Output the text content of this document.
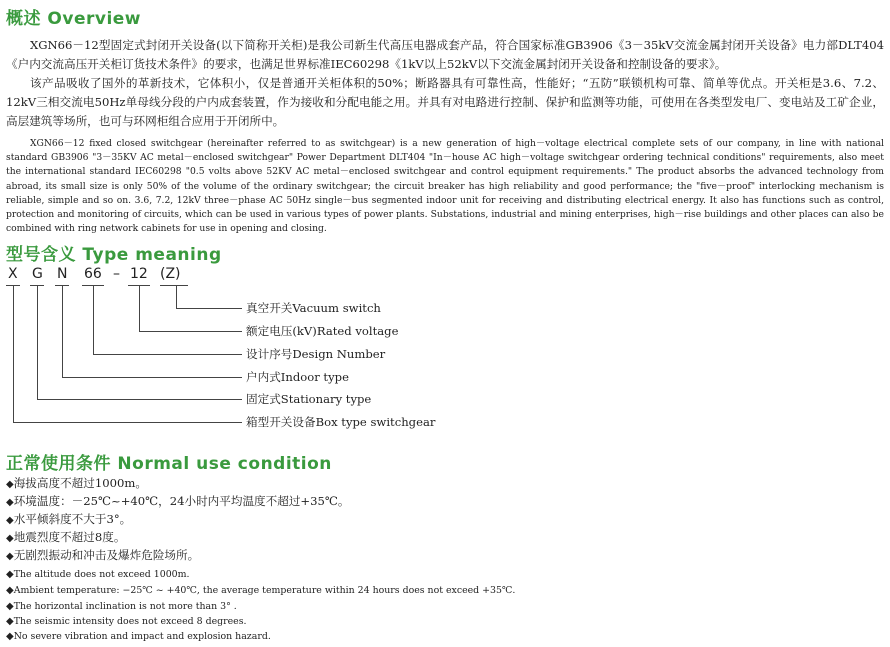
概述 Overview

XGN66－12型固定式封闭开关设备(以下简称开关柜)是我公司新生代高压电器成套产品，符合国家标准GB3906《3－35kV交流金属封闭开关设备》电力部DLT404《户内交流高压开关柜订货技术条件》的要求，也满足世界标准IEC60298《1kV以上52kV以下交流金属封闭开关设备和控制设备的要求》。

该产品吸收了国外的革新技术，它体积小，仅是普通开关柜体积的50%；断路器具有可靠性高，性能好；“五防”联锁机构可靠、简单等优点。开关柜是3.6、7.2、12kV三相交流电50Hz单母线分段的户内成套装置，作为接收和分配电能之用。并具有对电路进行控制、保护和监测等功能，可使用在各类型发电厂、变电站及工矿企业，高层建筑等场所，也可与环网柜组合应用于开闭所中。

XGN66－12 fixed closed switchgear (hereinafter referred to as switchgear) is a new generation of high－voltage electrical complete sets of our company, in line with national standard GB3906 "3－35KV AC metal－enclosed switchgear" Power Department DLT404 "In－house AC high－voltage switchgear ordering technical conditions" requirements, also meet the international standard IEC60298 "0.5 volts above 52KV AC metal－enclosed switchgear and control equipment requirements." The product absorbs the advanced technology from abroad, its small size is only 50% of the volume of the ordinary switchgear; the circuit breaker has high reliability and good performance; the "five－proof" interlocking mechanism is reliable, simple and so on. 3.6, 7.2, 12kV three－phase AC 50Hz single－bus segmented indoor unit for receiving and distributing electrical energy. It also has functions such as control, protection and monitoring of circuits, which can be used in various types of power plants. Substations, industrial and mining enterprises, high－rise buildings and other places can also be combined with ring network cabinets for use in opening and closing.

型号含义 Type meaning
X G N 66 – 12 (Z)
真空开关Vacuum switch
额定电压(kV)Rated voltage
设计序号Design Number
户内式Indoor type
固定式Stationary type
箱型开关设备Box type switchgear
正常使用条件 Normal use condition

◆海拔高度不超过1000m。

◆环境温度：－25℃~+40℃，24小时内平均温度不超过+35℃。

◆水平倾斜度不大于3°。

◆地震烈度不超过8度。

◆无剧烈振动和冲击及爆炸危险场所。

◆The altitude does not exceed 1000m.

◆Ambient temperature: −25℃ ~ +40℃, the average temperature within 24 hours does not exceed +35℃.

◆The horizontal inclination is not more than 3° .

◆The seismic intensity does not exceed 8 degrees.

◆No severe vibration and impact and explosion hazard.
